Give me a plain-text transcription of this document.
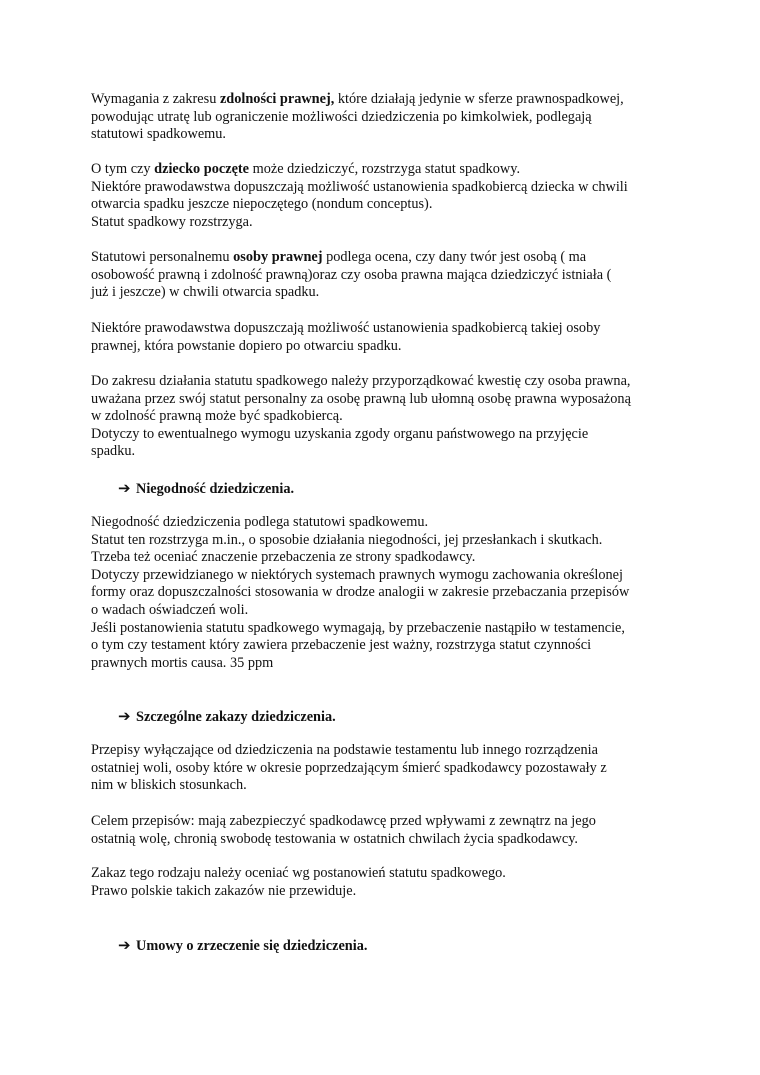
Wymagania z zakresu zdolności prawnej, które działają jedynie w sferze prawnospadkowej,
powodując utratę lub ograniczenie możliwości dziedziczenia po kimkolwiek, podlegają
statutowi spadkowemu.

O tym czy dziecko poczęte może dziedziczyć, rozstrzyga statut spadkowy.
Niektóre prawodawstwa dopuszczają możliwość ustanowienia spadkobiercą dziecka w chwili
otwarcia spadku jeszcze niepoczętego (nondum conceptus).
Statut spadkowy rozstrzyga.

Statutowi personalnemu osoby prawnej podlega ocena, czy dany twór jest osobą ( ma
osobowość prawną i zdolność prawną)oraz czy osoba prawna mająca dziedziczyć istniała (
już i jeszcze) w chwili otwarcia spadku.

Niektóre prawodawstwa dopuszczają możliwość ustanowienia spadkobiercą takiej osoby
prawnej, która powstanie dopiero po otwarciu spadku.

Do zakresu działania statutu spadkowego należy przyporządkować kwestię czy osoba prawna,
uważana przez swój statut personalny za osobę prawną lub ułomną osobę prawna wyposażoną
w zdolność prawną może być spadkobiercą.
Dotyczy to ewentualnego wymogu uzyskania zgody organu państwowego na przyjęcie
spadku.

➔ Niegodność dziedziczenia.

Niegodność dziedziczenia podlega statutowi spadkowemu.
Statut ten rozstrzyga m.in., o sposobie działania niegodności, jej przesłankach i skutkach.
Trzeba też oceniać znaczenie przebaczenia ze strony spadkodawcy.
Dotyczy przewidzianego w niektórych systemach prawnych wymogu zachowania określonej
formy oraz dopuszczalności stosowania w drodze analogii w zakresie przebaczania przepisów
o wadach oświadczeń woli.
Jeśli postanowienia statutu spadkowego wymagają, by przebaczenie nastąpiło w testamencie,
o tym czy testament który zawiera przebaczenie jest ważny, rozstrzyga statut czynności
prawnych mortis causa. 35 ppm

➔ Szczególne zakazy dziedziczenia.

Przepisy wyłączające od dziedziczenia na podstawie testamentu lub innego rozrządzenia
ostatniej woli, osoby które w okresie poprzedzającym śmierć spadkodawcy pozostawały z
nim w bliskich stosunkach.

Celem przepisów: mają zabezpieczyć spadkodawcę przed wpływami z zewnątrz na jego
ostatnią wolę, chronią swobodę testowania w ostatnich chwilach życia spadkodawcy.

Zakaz tego rodzaju należy oceniać wg postanowień statutu spadkowego.
Prawo polskie takich zakazów nie przewiduje.

➔ Umowy o zrzeczenie się dziedziczenia.
